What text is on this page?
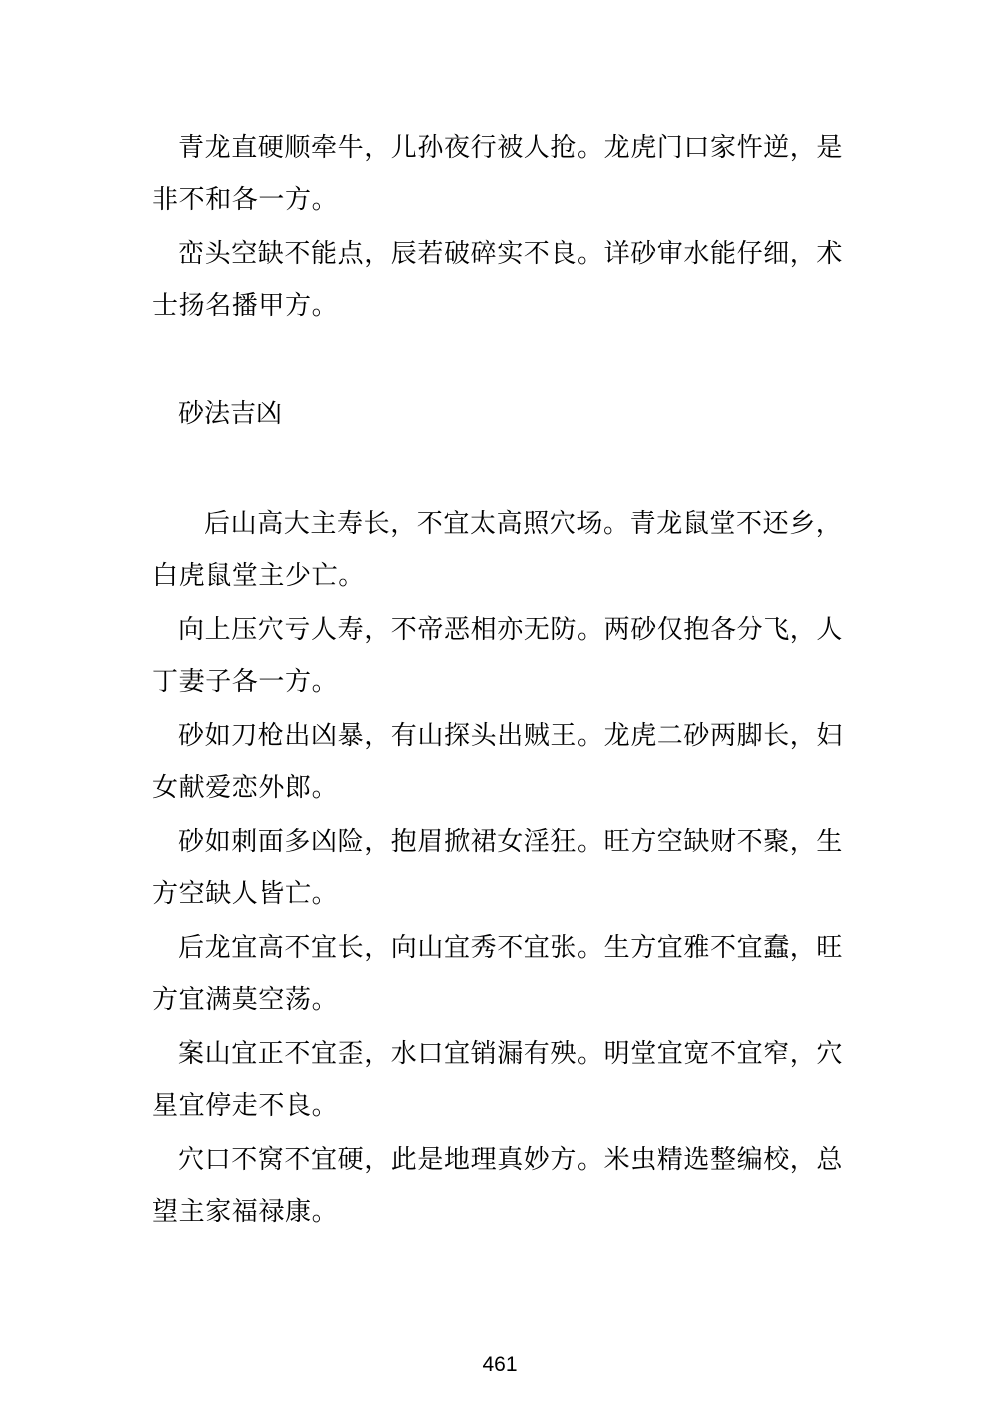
青龙直硬顺牵牛，儿孙夜行被人抢。龙虎门口家忤逆，是非不和各一方。

峦头空缺不能点，辰若破碎实不良。详砂审水能仔细，术士扬名播甲方。

砂法吉凶

后山高大主寿长，不宜太高照穴场。青龙鼠堂不还乡，白虎鼠堂主少亡。

向上压穴亏人寿，不帝恶相亦无防。两砂仅抱各分飞，人丁妻子各一方。

砂如刀枪出凶暴，有山探头出贼王。龙虎二砂两脚长，妇女献爱恋外郎。

砂如刺面多凶险，抱眉掀裙女淫狂。旺方空缺财不聚，生方空缺人皆亡。

后龙宜高不宜长，向山宜秀不宜张。生方宜雅不宜蠢，旺方宜满莫空荡。

案山宜正不宜歪，水口宜销漏有殃。明堂宜宽不宜窄，穴星宜停走不良。

穴口不窝不宜硬，此是地理真妙方。米虫精选整编校，总望主家福禄康。

461
